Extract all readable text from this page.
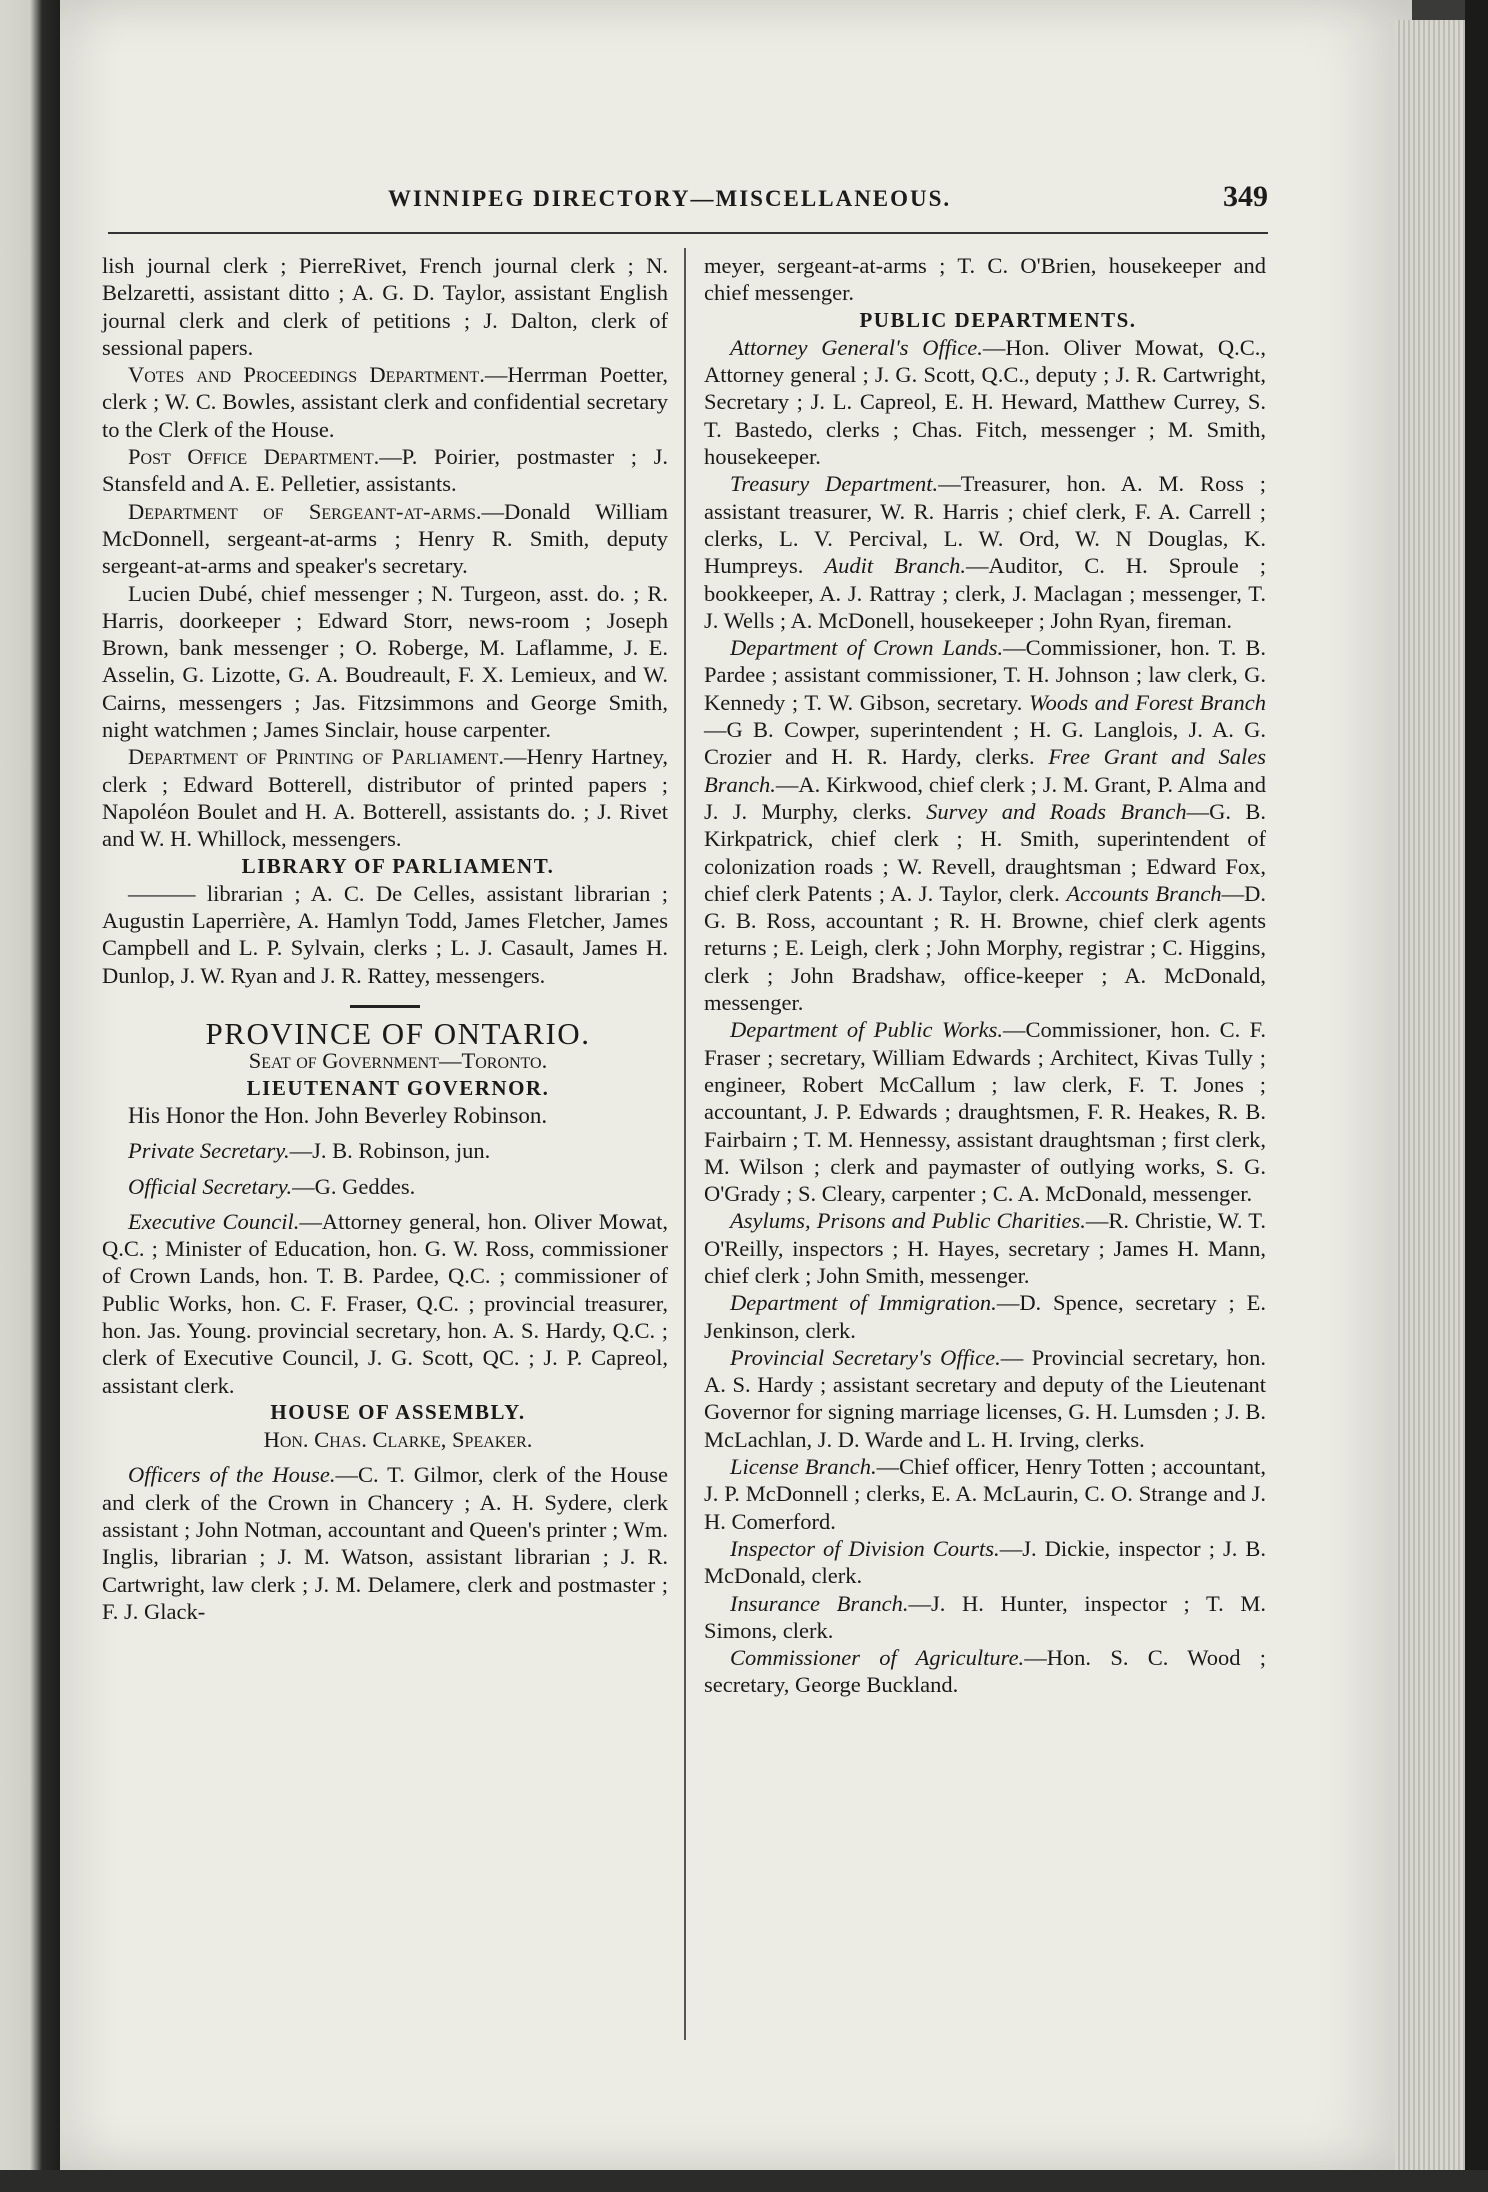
WINNIPEG DIRECTORY—MISCELLANEOUS.	349

lish journal clerk ; PierreRivet, French journal clerk ; N. Belzaretti, assistant ditto ; A. G. D. Taylor, assistant English journal clerk and clerk of petitions ; J. Dalton, clerk of sessional papers.

Votes and Proceedings Department.—Herrman Poetter, clerk ; W. C. Bowles, assistant clerk and confidential secretary to the Clerk of the House.

Post Office Department.—P. Poirier, postmaster ; J. Stansfeld and A. E. Pelletier, assistants.

Department of Sergeant-at-arms.—Donald William McDonnell, sergeant-at-arms ; Henry R. Smith, deputy sergeant-at-arms and speaker's secretary.

Lucien Dubé, chief messenger ; N. Turgeon, asst. do. ; R. Harris, doorkeeper ; Edward Storr, news-room ; Joseph Brown, bank messenger ; O. Roberge, M. Laflamme, J. E. Asselin, G. Lizotte, G. A. Boudreault, F. X. Lemieux, and W. Cairns, messengers ; Jas. Fitzsimmons and George Smith, night watchmen ; James Sinclair, house carpenter.

Department of Printing of Parliament.—Henry Hartney, clerk ; Edward Botterell, distributor of printed papers ; Napoléon Boulet and H. A. Botterell, assistants do. ; J. Rivet and W. H. Whillock, messengers.

LIBRARY OF PARLIAMENT.

——— librarian ; A. C. De Celles, assistant librarian ; Augustin Laperrière, A. Hamlyn Todd, James Fletcher, James Campbell and L. P. Sylvain, clerks ; L. J. Casault, James H. Dunlop, J. W. Ryan and J. R. Rattey, messengers.

PROVINCE OF ONTARIO.

Seat of Government—Toronto.

LIEUTENANT GOVERNOR.

His Honor the Hon. John Beverley Robinson.

Private Secretary.—J. B. Robinson, jun.

Official Secretary.—G. Geddes.

Executive Council.—Attorney general, hon. Oliver Mowat, Q.C. ; Minister of Education, hon. G. W. Ross, commissioner of Crown Lands, hon. T. B. Pardee, Q.C. ; commissioner of Public Works, hon. C. F. Fraser, Q.C. ; provincial treasurer, hon. Jas. Young. provincial secretary, hon. A. S. Hardy, Q.C. ; clerk of Executive Council, J. G. Scott, QC. ; J. P. Capreol, assistant clerk.

HOUSE OF ASSEMBLY.

Hon. Chas. Clarke, Speaker.

Officers of the House.—C. T. Gilmor, clerk of the House and clerk of the Crown in Chancery ; A. H. Sydere, clerk assistant ; John Notman, accountant and Queen's printer ; Wm. Inglis, librarian ; J. M. Watson, assistant librarian ; J. R. Cartwright, law clerk ; J. M. Delamere, clerk and postmaster ; F. J. Glack-

meyer, sergeant-at-arms ; T. C. O'Brien, housekeeper and chief messenger.

PUBLIC DEPARTMENTS.

Attorney General's Office.—Hon. Oliver Mowat, Q.C., Attorney general ; J. G. Scott, Q.C., deputy ; J. R. Cartwright, Secretary ; J. L. Capreol, E. H. Heward, Matthew Currey, S. T. Bastedo, clerks ; Chas. Fitch, messenger ; M. Smith, housekeeper.

Treasury Department.—Treasurer, hon. A. M. Ross ; assistant treasurer, W. R. Harris ; chief clerk, F. A. Carrell ; clerks, L. V. Percival, L. W. Ord, W. N Douglas, K. Humpreys. Audit Branch.—Auditor, C. H. Sproule ; bookkeeper, A. J. Rattray ; clerk, J. Maclagan ; messenger, T. J. Wells ; A. McDonell, housekeeper ; John Ryan, fireman.

Department of Crown Lands.—Commissioner, hon. T. B. Pardee ; assistant commissioner, T. H. Johnson ; law clerk, G. Kennedy ; T. W. Gibson, secretary. Woods and Forest Branch—G B. Cowper, superintendent ; H. G. Langlois, J. A. G. Crozier and H. R. Hardy, clerks. Free Grant and Sales Branch.—A. Kirkwood, chief clerk ; J. M. Grant, P. Alma and J. J. Murphy, clerks. Survey and Roads Branch—G. B. Kirkpatrick, chief clerk ; H. Smith, superintendent of colonization roads ; W. Revell, draughtsman ; Edward Fox, chief clerk Patents ; A. J. Taylor, clerk. Accounts Branch—D. G. B. Ross, accountant ; R. H. Browne, chief clerk agents returns ; E. Leigh, clerk ; John Morphy, registrar ; C. Higgins, clerk ; John Bradshaw, office-keeper ; A. McDonald, messenger.

Department of Public Works.—Commissioner, hon. C. F. Fraser ; secretary, William Edwards ; Architect, Kivas Tully ; engineer, Robert McCallum ; law clerk, F. T. Jones ; accountant, J. P. Edwards ; draughtsmen, F. R. Heakes, R. B. Fairbairn ; T. M. Hennessy, assistant draughtsman ; first clerk, M. Wilson ; clerk and paymaster of outlying works, S. G. O'Grady ; S. Cleary, carpenter ; C. A. McDonald, messenger.

Asylums, Prisons and Public Charities.—R. Christie, W. T. O'Reilly, inspectors ; H. Hayes, secretary ; James H. Mann, chief clerk ; John Smith, messenger.

Department of Immigration.—D. Spence, secretary ; E. Jenkinson, clerk.

Provincial Secretary's Office.— Provincial secretary, hon. A. S. Hardy ; assistant secretary and deputy of the Lieutenant Governor for signing marriage licenses, G. H. Lumsden ; J. B. McLachlan, J. D. Warde and L. H. Irving, clerks.

License Branch.—Chief officer, Henry Totten ; accountant, J. P. McDonnell ; clerks, E. A. McLaurin, C. O. Strange and J. H. Comerford.

Inspector of Division Courts.—J. Dickie, inspector ; J. B. McDonald, clerk.

Insurance Branch.—J. H. Hunter, inspector ; T. M. Simons, clerk.

Commissioner of Agriculture.—Hon. S. C. Wood ; secretary, George Buckland.
